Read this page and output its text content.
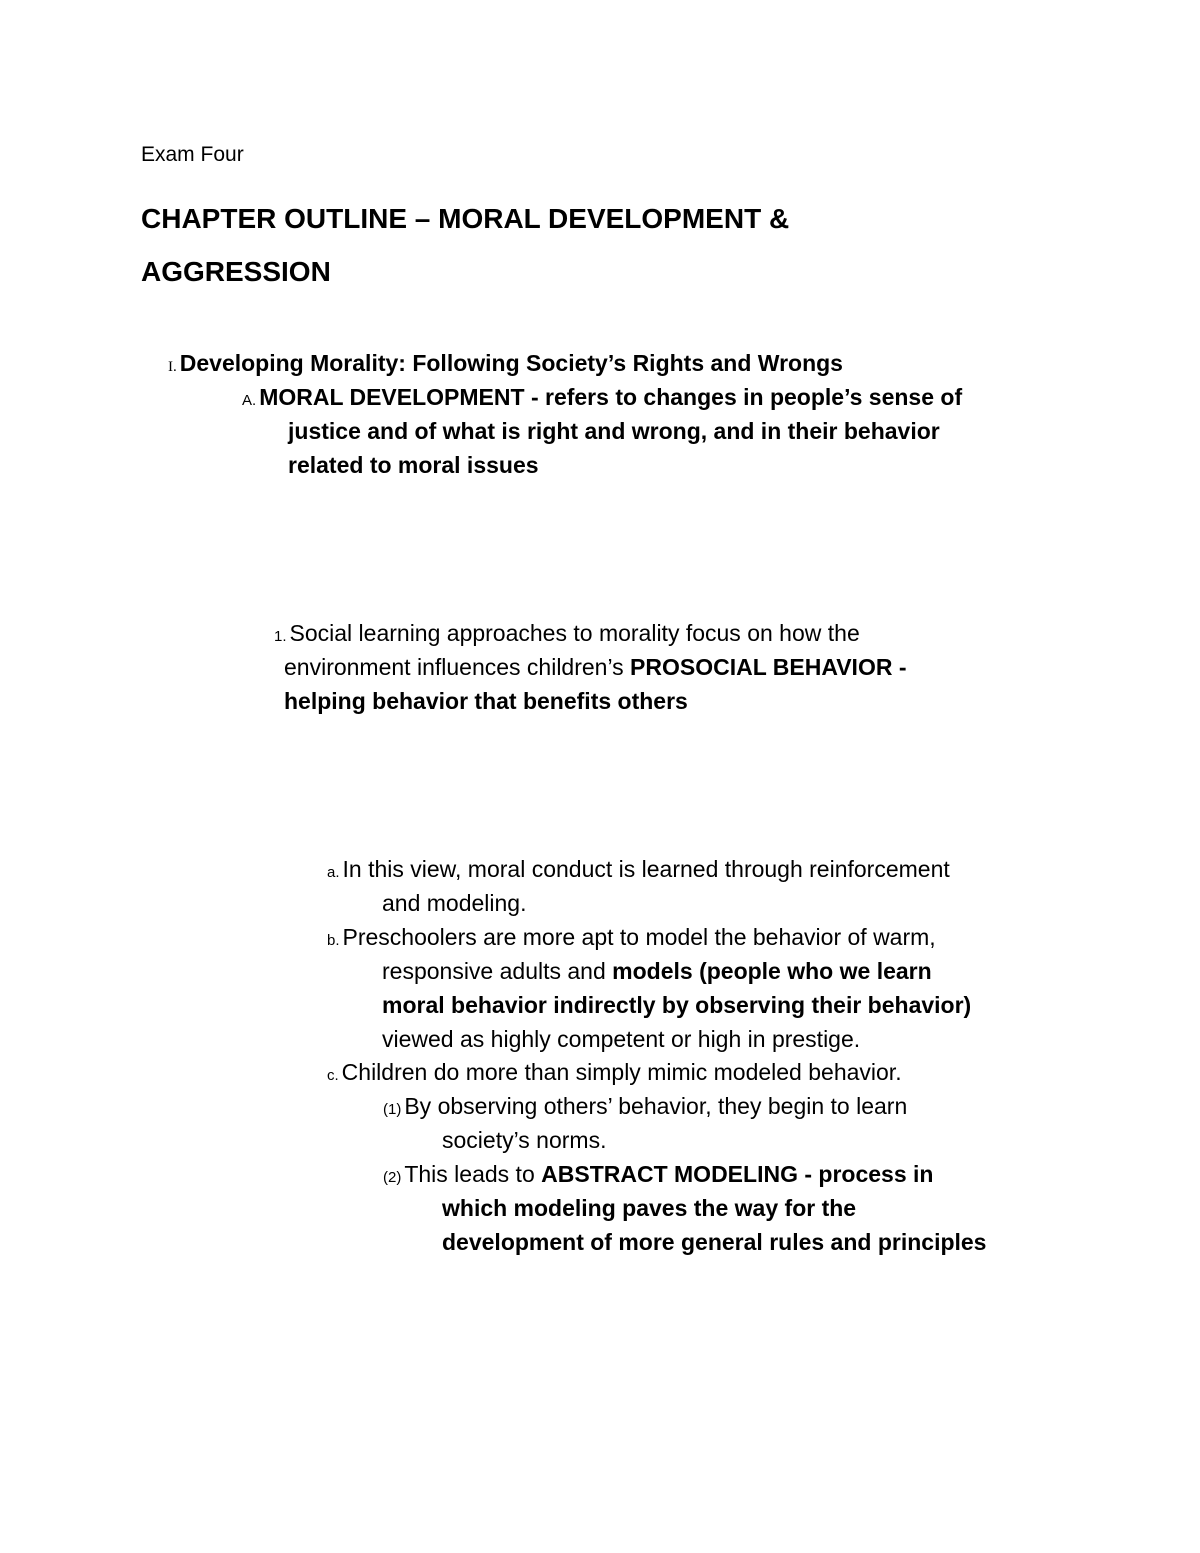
Exam Four
CHAPTER OUTLINE – MORAL DEVELOPMENT &
AGGRESSION
I. Developing Morality: Following Society’s Rights and Wrongs
A. MORAL DEVELOPMENT - refers to changes in people’s sense of
justice and of what is right and wrong, and in their behavior
related to moral issues
1. Social learning approaches to morality focus on how the
environment influences children’s PROSOCIAL BEHAVIOR -
helping behavior that benefits others
a. In this view, moral conduct is learned through reinforcement
and modeling.
b. Preschoolers are more apt to model the behavior of warm,
responsive adults and models (people who we learn
moral behavior indirectly by observing their behavior)
viewed as highly competent or high in prestige.
c. Children do more than simply mimic modeled behavior.
(1) By observing others’ behavior, they begin to learn
society’s norms.
(2) This leads to ABSTRACT MODELING - process in
which modeling paves the way for the
development of more general rules and principles
